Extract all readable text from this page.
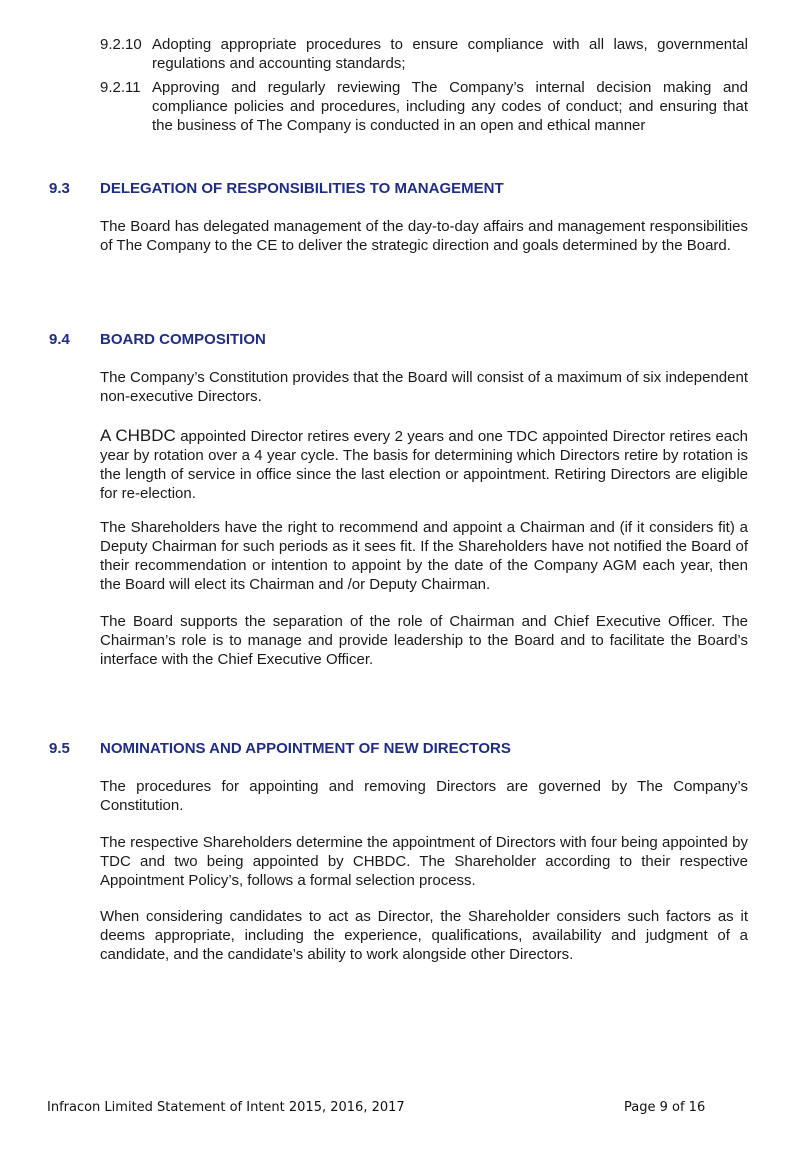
9.2.10 Adopting appropriate procedures to ensure compliance with all laws, governmental regulations and accounting standards;
9.2.11 Approving and regularly reviewing The Company’s internal decision making and compliance policies and procedures, including any codes of conduct; and ensuring that the business of The Company is conducted in an open and ethical manner
9.3 DELEGATION OF RESPONSIBILITIES TO MANAGEMENT
The Board has delegated management of the day-to-day affairs and management responsibilities of The Company to the CE to deliver the strategic direction and goals determined by the Board.
9.4 BOARD COMPOSITION
The Company’s Constitution provides that the Board will consist of a maximum of six independent non-executive Directors.
A CHBDC appointed Director retires every 2 years and one TDC appointed Director retires each year by rotation over a 4 year cycle. The basis for determining which Directors retire by rotation is the length of service in office since the last election or appointment. Retiring Directors are eligible for re-election.
The Shareholders have the right to recommend and appoint a Chairman and (if it considers fit) a Deputy Chairman for such periods as it sees fit. If the Shareholders have not notified the Board of their recommendation or intention to appoint by the date of the Company AGM each year, then the Board will elect its Chairman and /or Deputy Chairman.
The Board supports the separation of the role of Chairman and Chief Executive Officer. The Chairman’s role is to manage and provide leadership to the Board and to facilitate the Board’s interface with the Chief Executive Officer.
9.5 NOMINATIONS AND APPOINTMENT OF NEW DIRECTORS
The procedures for appointing and removing Directors are governed by The Company’s Constitution.
The respective Shareholders determine the appointment of Directors with four being appointed by TDC and two being appointed by CHBDC. The Shareholder according to their respective Appointment Policy’s, follows a formal selection process.
When considering candidates to act as Director, the Shareholder considers such factors as it deems appropriate, including the experience, qualifications, availability and judgment of a candidate, and the candidate’s ability to work alongside other Directors.
Infracon Limited Statement of Intent 2015, 2016, 2017	Page 9 of 16
